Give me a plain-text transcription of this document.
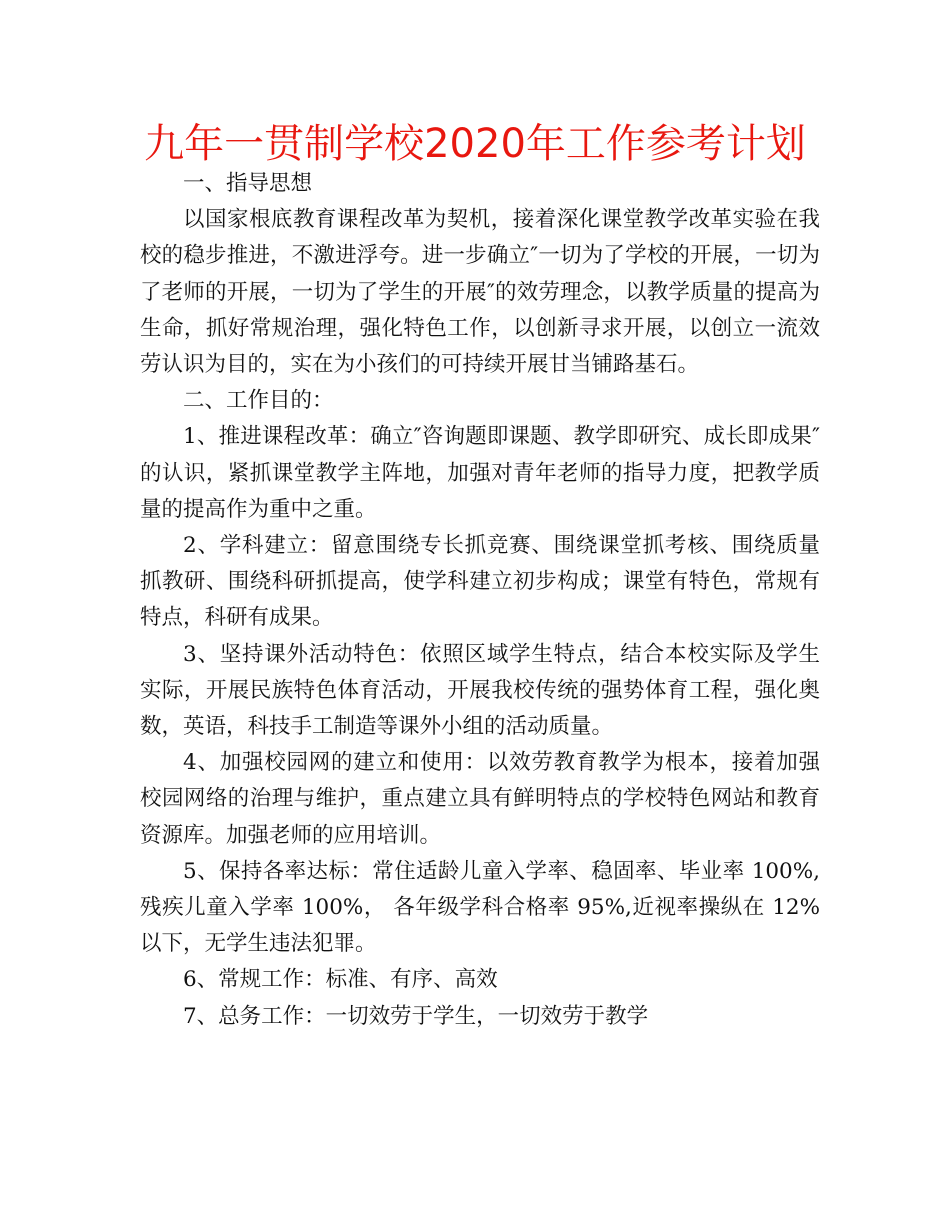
九年一贯制学校2020年工作参考计划

一、指导思想

以国家根底教育课程改革为契机，接着深化课堂教学改革实验在我校的稳步推进，不激进浮夸。进一步确立″一切为了学校的开展，一切为了老师的开展，一切为了学生的开展″的效劳理念，以教学质量的提高为生命，抓好常规治理，强化特色工作，以创新寻求开展，以创立一流效劳认识为目的，实在为小孩们的可持续开展甘当铺路基石。

二、工作目的：

1、推进课程改革：确立″咨询题即课题、教学即研究、成长即成果″的认识，紧抓课堂教学主阵地，加强对青年老师的指导力度，把教学质量的提高作为重中之重。

2、学科建立：留意围绕专长抓竞赛、围绕课堂抓考核、围绕质量抓教研、围绕科研抓提高，使学科建立初步构成；课堂有特色，常规有特点，科研有成果。

3、坚持课外活动特色：依照区域学生特点，结合本校实际及学生实际，开展民族特色体育活动，开展我校传统的强势体育工程，强化奥数，英语，科技手工制造等课外小组的活动质量。

4、加强校园网的建立和使用：以效劳教育教学为根本，接着加强校园网络的治理与维护，重点建立具有鲜明特点的学校特色网站和教育资源库。加强老师的应用培训。

5、保持各率达标：常住适龄儿童入学率、稳固率、毕业率 100%,残疾儿童入学率 100%， 各年级学科合格率 95%,近视率操纵在 12%以下，无学生违法犯罪。

6、常规工作：标准、有序、高效

7、总务工作：一切效劳于学生，一切效劳于教学
